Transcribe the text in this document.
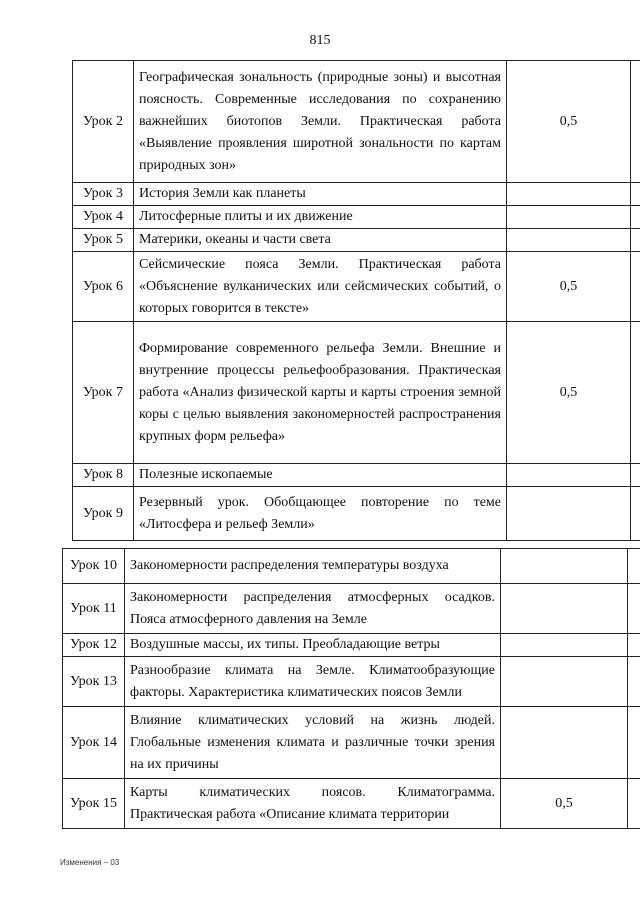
815
Урок 2	Географическая зональность (природные зоны) и высотная поясность. Современные исследования по сохранению важнейших биотопов Земли. Практическая работа «Выявление проявления широтной зональности по картам природных зон»	0,5	
Урок 3	История Земли как планеты		
Урок 4	Литосферные плиты и их движение		
Урок 5	Материки, океаны и части света		
Урок 6	Сейсмические пояса Земли. Практическая работа «Объяснение вулканических или сейсмических событий, о которых говорится в тексте»	0,5	
Урок 7	Формирование современного рельефа Земли. Внешние и внутренние процессы рельефообразования. Практическая работа «Анализ физической карты и карты строения земной коры с целью выявления закономерностей распространения крупных форм рельефа»	0,5	
Урок 8	Полезные ископаемые		
Урок 9	Резервный урок. Обобщающее повторение по теме «Литосфера и рельеф Земли»		
Урок 10	Закономерности распределения температуры воздуха		
Урок 11	Закономерности распределения атмосферных осадков. Пояса атмосферного давления на Земле		
Урок 12	Воздушные массы, их типы. Преобладающие ветры		
Урок 13	Разнообразие климата на Земле. Климатообразующие факторы. Характеристика климатических поясов Земли		
Урок 14	Влияние климатических условий на жизнь людей. Глобальные изменения климата и различные точки зрения на их причины		
Урок 15	Карты климатических поясов. Климатограмма. Практическая работа «Описание климата территории	0,5	
Изменения – 03
